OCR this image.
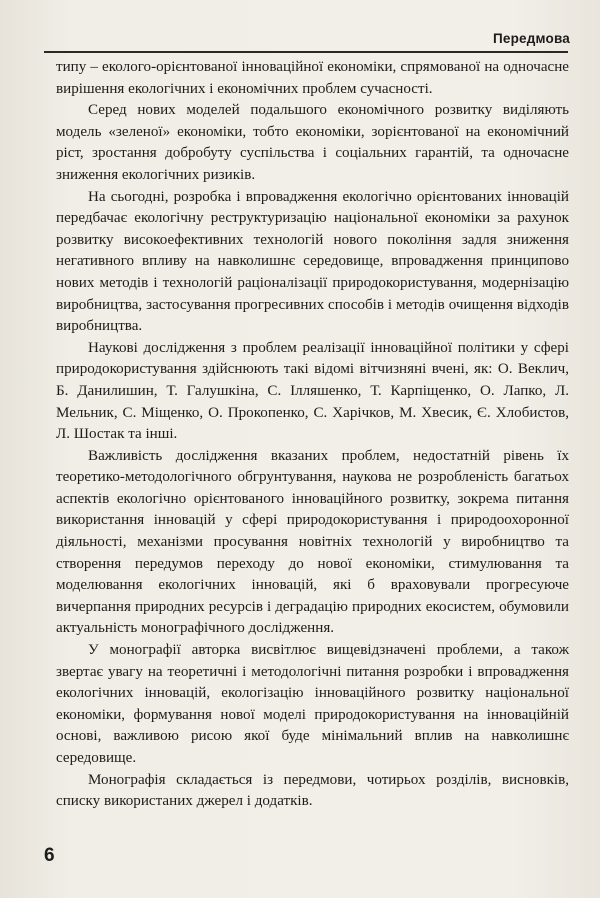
Передмова

типу – еколого-орієнтованої інноваційної економіки, спрямованої на одночасне вирішення екологічних і економічних проблем сучасності.

Серед нових моделей подальшого економічного розвитку виділяють модель «зеленої» економіки, тобто економіки, зорієнтованої на економічний ріст, зростання добробуту суспільства і соціальних гарантій, та одночасне зниження екологічних ризиків.

На сьогодні, розробка і впровадження екологічно орієнтованих інновацій передбачає екологічну реструктуризацію національної економіки за рахунок розвитку високоефективних технологій нового покоління задля зниження негативного впливу на навколишнє середовище, впровадження принципово нових методів і технологій раціоналізації природокористування, модернізацію виробництва, застосування прогресивних способів і методів очищення відходів виробництва.

Наукові дослідження з проблем реалізації інноваційної політики у сфері природокористування здійснюють такі відомі вітчизняні вчені, як: О. Веклич, Б. Данилишин, Т. Галушкіна, С. Ілляшенко, Т. Карпіщенко, О. Лапко, Л. Мельник, С. Міщенко, О. Прокопенко, С. Харічков, М. Хвесик, Є. Хлобистов, Л. Шостак та інші.

Важливість дослідження вказаних проблем, недостатній рівень їх теоретико-методологічного обгрунтування, наукова не розробленість багатьох аспектів екологічно орієнтованого інноваційного розвитку, зокрема питання використання інновацій у сфері природокористування і природоохоронної діяльності, механізми просування новітніх технологій у виробництво та створення передумов переходу до нової економіки, стимулювання та моделювання екологічних інновацій, які б враховували прогресуюче вичерпання природних ресурсів і деградацію природних екосистем, обумовили актуальність монографічного дослідження.

У монографії авторка висвітлює вищевідзначені проблеми, а також звертає увагу на теоретичні і методологічні питання розробки і впровадження екологічних інновацій, екологізацію інноваційного розвитку національної економіки, формування нової моделі природокористування на інноваційній основі, важливою рисою якої буде мінімальний вплив на навколишнє середовище.

Монографія складається із передмови, чотирьох розділів, висновків, списку використаних джерел і додатків.

6
